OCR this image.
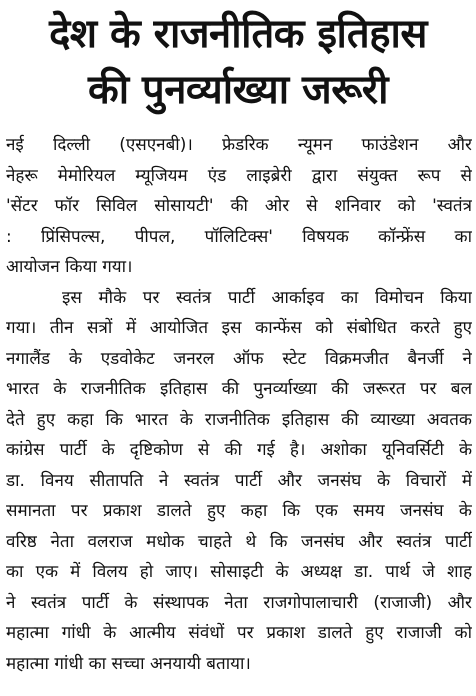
देश के राजनीतिक इतिहास
की पुनर्व्याख्या जरूरी
नई दिल्ली (एसएनबी)। फ्रेडरिक न्यूमन फाउंडेशन और
नेहरू मेमोरियल म्यूजियम एंड लाइब्रेरी द्वारा संयुक्त रूप से
'सेंटर फॉर सिविल सोसायटी' की ओर से शनिवार को 'स्वतंत्र
: प्रिंसिपल्स, पीपल, पॉलिटिक्स' विषयक कॉन्फ्रेंस का
आयोजन किया गया।
इस मौके पर स्वतंत्र पार्टी आर्काइव का विमोचन किया
गया। तीन सत्रों में आयोजित इस कान्फेंस को संबोधित करते हुए
नगालैंड के एडवोकेट जनरल ऑफ स्टेट विक्रमजीत बैनर्जी ने
भारत के राजनीतिक इतिहास की पुनर्व्याख्या की जरूरत पर बल
देते हुए कहा कि भारत के राजनीतिक इतिहास की व्याख्या अवतक
कांग्रेस पार्टी के दृष्टिकोण से की गई है। अशोका यूनिवर्सिटी के
डा. विनय सीतापति ने स्वतंत्र पार्टी और जनसंघ के विचारों में
समानता पर प्रकाश डालते हुए कहा कि एक समय जनसंघ के
वरिष्ठ नेता वलराज मधोक चाहते थे कि जनसंघ और स्वतंत्र पार्टी
का एक में विलय हो जाए। सोसाइटी के अध्यक्ष डा. पार्थ जे शाह
ने स्वतंत्र पार्टी के संस्थापक नेता राजगोपालाचारी (राजाजी) और
महात्मा गांधी के आत्मीय संवंधों पर प्रकाश डालते हुए राजाजी को
महात्मा गांधी का सच्चा अनयायी बताया।
